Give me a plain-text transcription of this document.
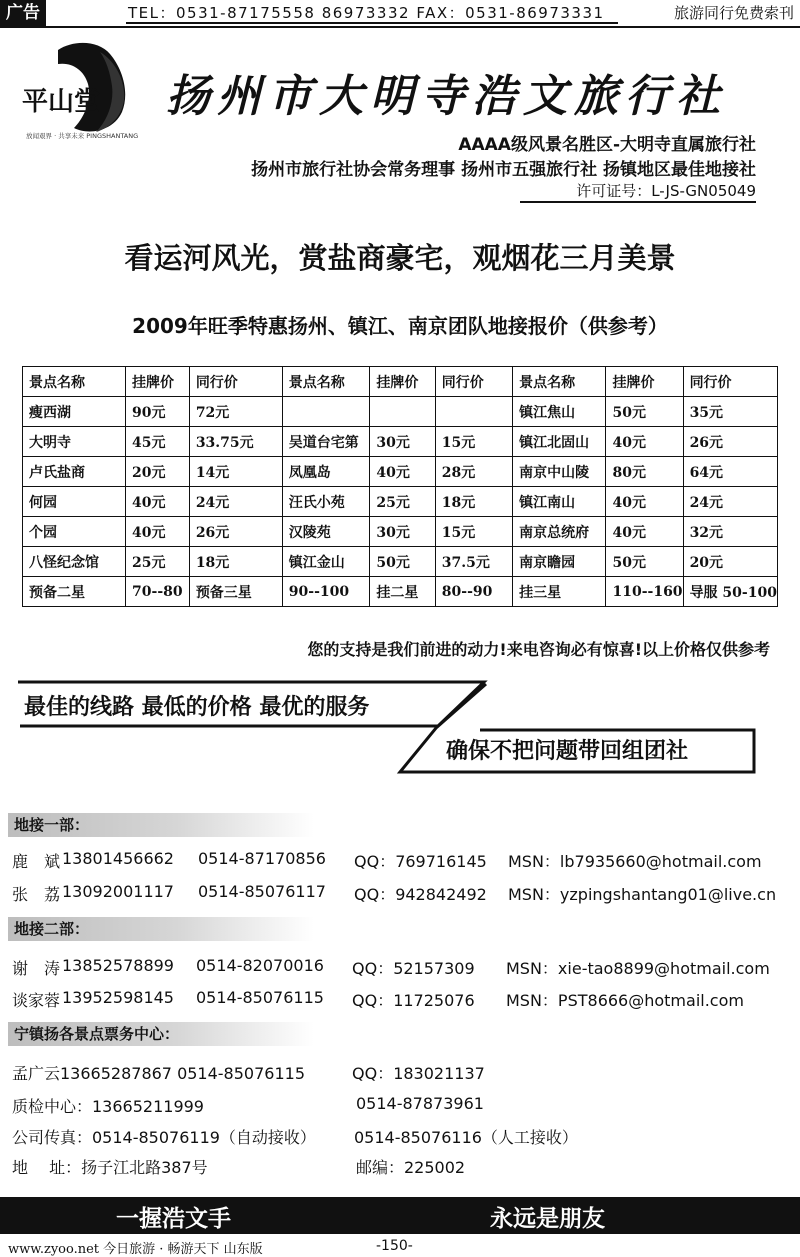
广告	TEL：0531-87175558 86973332 FAX：0531-86973331	旅游同行免费索刊
平山堂
放闻艰界 · 共享未来 PINGSHANTANG
扬州市大明寺浩文旅行社
AAAA级风景名胜区-大明寺直属旅行社
扬州市旅行社协会常务理事 扬州市五强旅行社 扬镇地区最佳地接社
许可证号：L-JS-GN05049
看运河风光，赏盐商豪宅，观烟花三月美景
2009年旺季特惠扬州、镇江、南京团队地接报价（供参考）
景点名称	挂牌价	同行价	景点名称	挂牌价	同行价	景点名称	挂牌价	同行价
瘦西湖	90元	72元				镇江焦山	50元	35元
大明寺	45元	33.75元	吴道台宅第	30元	15元	镇江北固山	40元	26元
卢氏盐商	20元	14元	凤凰岛	40元	28元	南京中山陵	80元	64元
何园	40元	24元	汪氏小苑	25元	18元	镇江南山	40元	24元
个园	40元	26元	汉陵苑	30元	15元	南京总统府	40元	32元
八怪纪念馆	25元	18元	镇江金山	50元	37.5元	南京瞻园	50元	20元
预备二星	70--80	预备三星	90--100	挂二星	80--90	挂三星	110--160	导服 50-100
您的支持是我们前进的动力!来电咨询必有惊喜!以上价格仅供参考
最佳的线路 最低的价格 最优的服务
确保不把问题带回组团社
地接一部：
鹿　斌 13801456662 0514-87170856 QQ：769716145 MSN：lb7935660@hotmail.com
张　荔 13092001117 0514-85076117 QQ：942842492 MSN：yzpingshantang01@live.cn
地接二部：
谢　涛 13852578899 0514-82070016 QQ：52157309 MSN：xie-tao8899@hotmail.com
谈家蓉 13952598145 0514-85076115 QQ：11725076 MSN：PST8666@hotmail.com
宁镇扬各景点票务中心：
孟广云13665287867 0514-85076115	QQ：183021137
质检中心：13665211999	0514-87873961
公司传真：0514-85076119（自动接收） 0514-85076116（人工接收）
地　 址：扬子江北路387号	邮编：225002
一握浩文手	永远是朋友
www.zyoo.net 今日旅游 · 畅游天下 山东版	-150-
